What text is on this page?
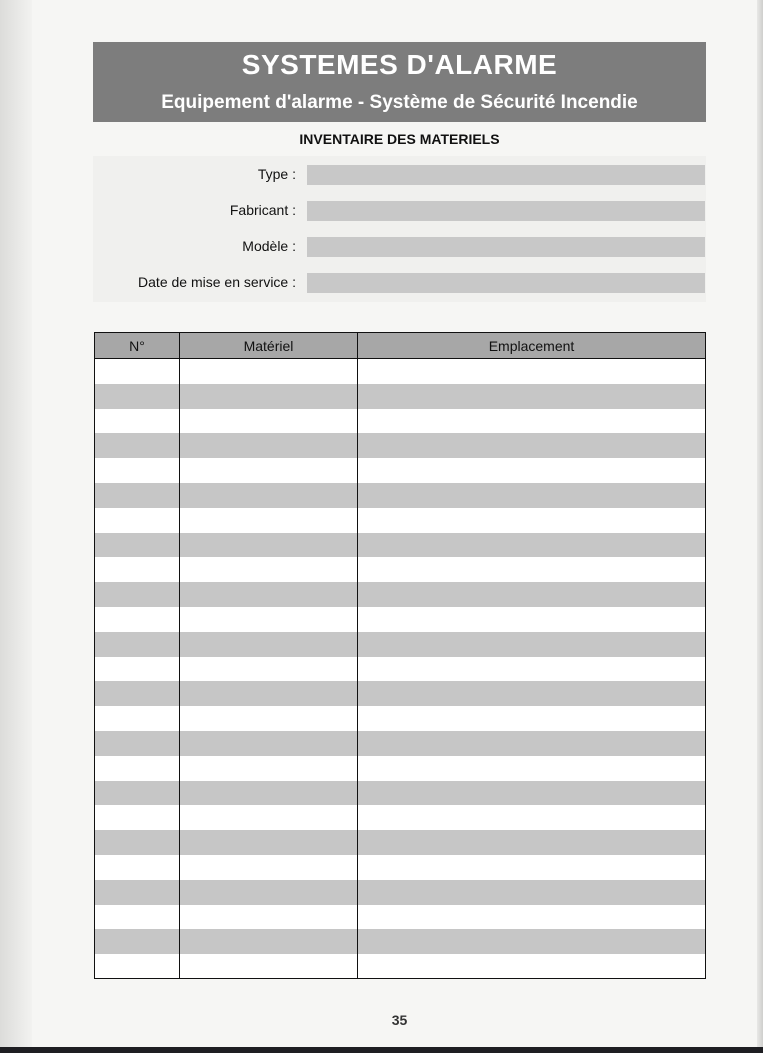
SYSTEMES D'ALARME
Equipement d'alarme - Système de Sécurité Incendie
INVENTAIRE DES MATERIELS
Type :
Fabricant :
Modèle :
Date de mise en service :
N°	Matériel	Emplacement
35
